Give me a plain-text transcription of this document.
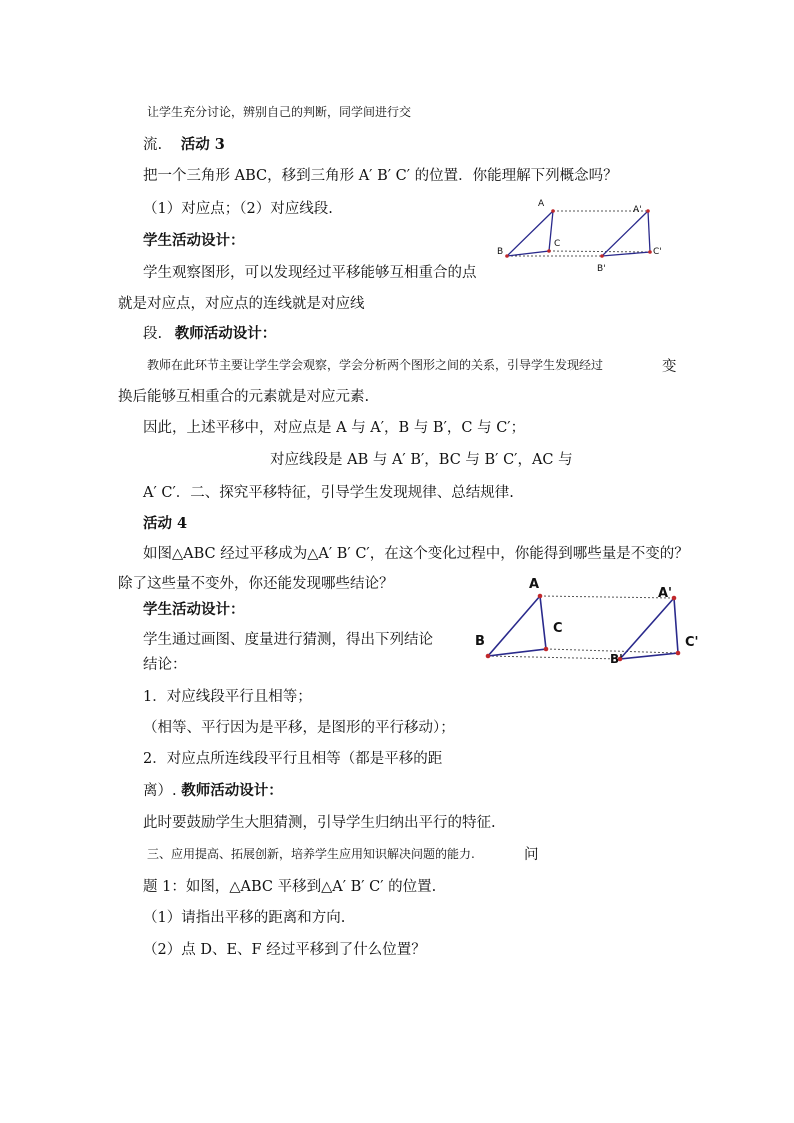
让学生充分讨论，辨别自己的判断，同学间进行交
流. 活动 3
把一个三角形 ABC，移到三角形 A′ B′ C′ 的位置．你能理解下列概念吗？
（1）对应点；（2）对应线段.
学生活动设计：
学生观察图形，可以发现经过平移能够互相重合的点
就是对应点，对应点的连线就是对应线
段. 教师活动设计：
教师在此环节主要让学生学会观察，学会分析两个图形之间的关系，引导学生发现经过	变
换后能够互相重合的元素就是对应元素.
因此，上述平移中，对应点是 A 与 A′，B 与 B′，C 与 C′；
对应线段是 AB 与 A′ B′，BC 与 B′ C′，AC 与
A′ C′．二、探究平移特征，引导学生发现规律、总结规律.
活动 4
如图△ABC 经过平移成为△A′ B′ C′，在这个变化过程中，你能得到哪些量是不变的？
除了这些量不变外，你还能发现哪些结论？
学生活动设计：
学生通过画图、度量进行猜测，得出下列结论
结论：
1．对应线段平行且相等；
（相等、平行因为是平移，是图形的平行移动）；
2．对应点所连线段平行且相等（都是平移的距
离）. 教师活动设计：
此时要鼓励学生大胆猜测，引导学生归纳出平行的特征.
三、应用提高、拓展创新，培养学生应用知识解决问题的能力.	问
题 1：如图，△ABC 平移到△A′ B′ C′ 的位置.
（1）请指出平移的距离和方向.
（2）点 D、E、F 经过平移到了什么位置？
A
B
C
A'
B'
C'
A
B
C
A'
B'
C'
